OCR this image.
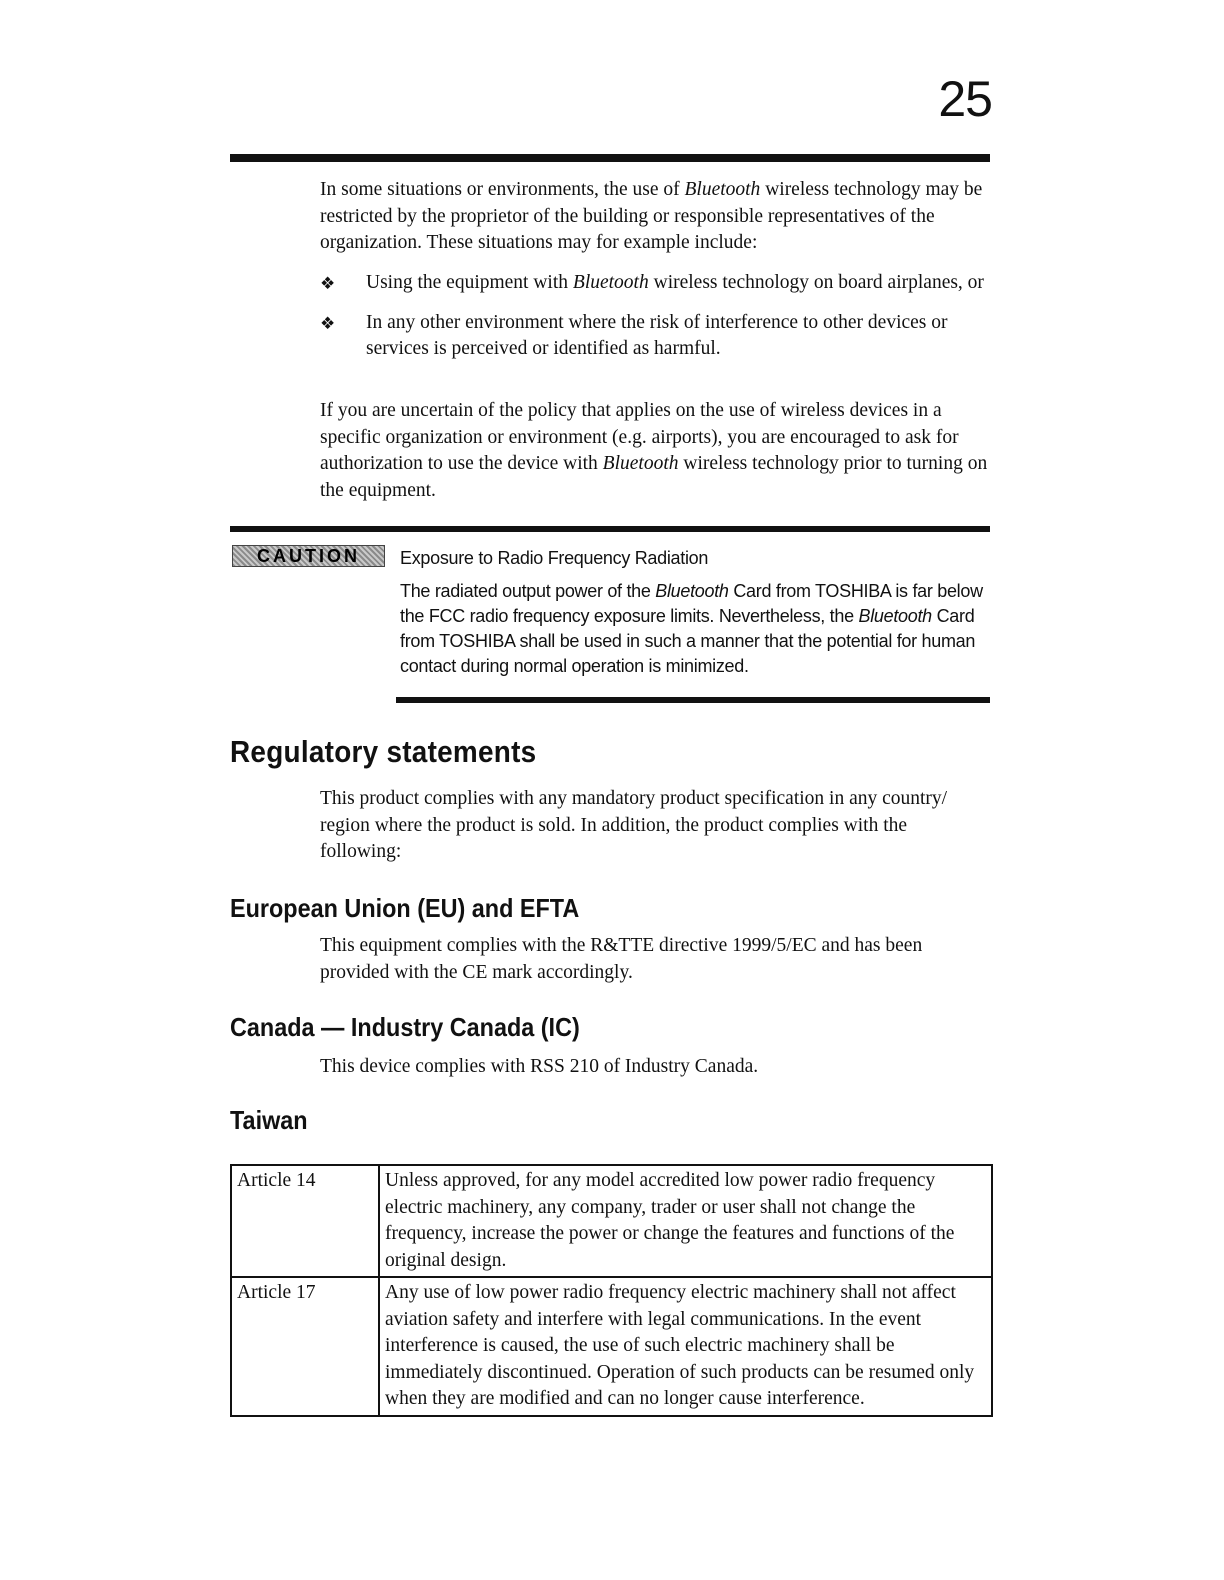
25

In some situations or environments, the use of Bluetooth wireless technology may be restricted by the proprietor of the building or responsible representatives of the organization. These situations may for example include:

❖	Using the equipment with Bluetooth wireless technology on board airplanes, or
❖	In any other environment where the risk of interference to other devices or services is perceived or identified as harmful.

If you are uncertain of the policy that applies on the use of wireless devices in a specific organization or environment (e.g. airports), you are encouraged to ask for authorization to use the device with Bluetooth wireless technology prior to turning on the equipment.

CAUTION	Exposure to Radio Frequency Radiation
The radiated output power of the Bluetooth Card from TOSHIBA is far below the FCC radio frequency exposure limits. Nevertheless, the Bluetooth Card from TOSHIBA shall be used in such a manner that the potential for human contact during normal operation is minimized.
Regulatory statements

This product complies with any mandatory product specification in any country/ region where the product is sold. In addition, the product complies with the following:

European Union (EU) and EFTA

This equipment complies with the R&TTE directive 1999/5/EC and has been provided with the CE mark accordingly.

Canada — Industry Canada (IC)

This device complies with RSS 210 of Industry Canada.

Taiwan
Article 14	Unless approved, for any model accredited low power radio frequency electric machinery, any company, trader or user shall not change the frequency, increase the power or change the features and functions of the original design.
Article 17	Any use of low power radio frequency electric machinery shall not affect aviation safety and interfere with legal communications. In the event interference is caused, the use of such electric machinery shall be immediately discontinued. Operation of such products can be resumed only when they are modified and can no longer cause interference.
